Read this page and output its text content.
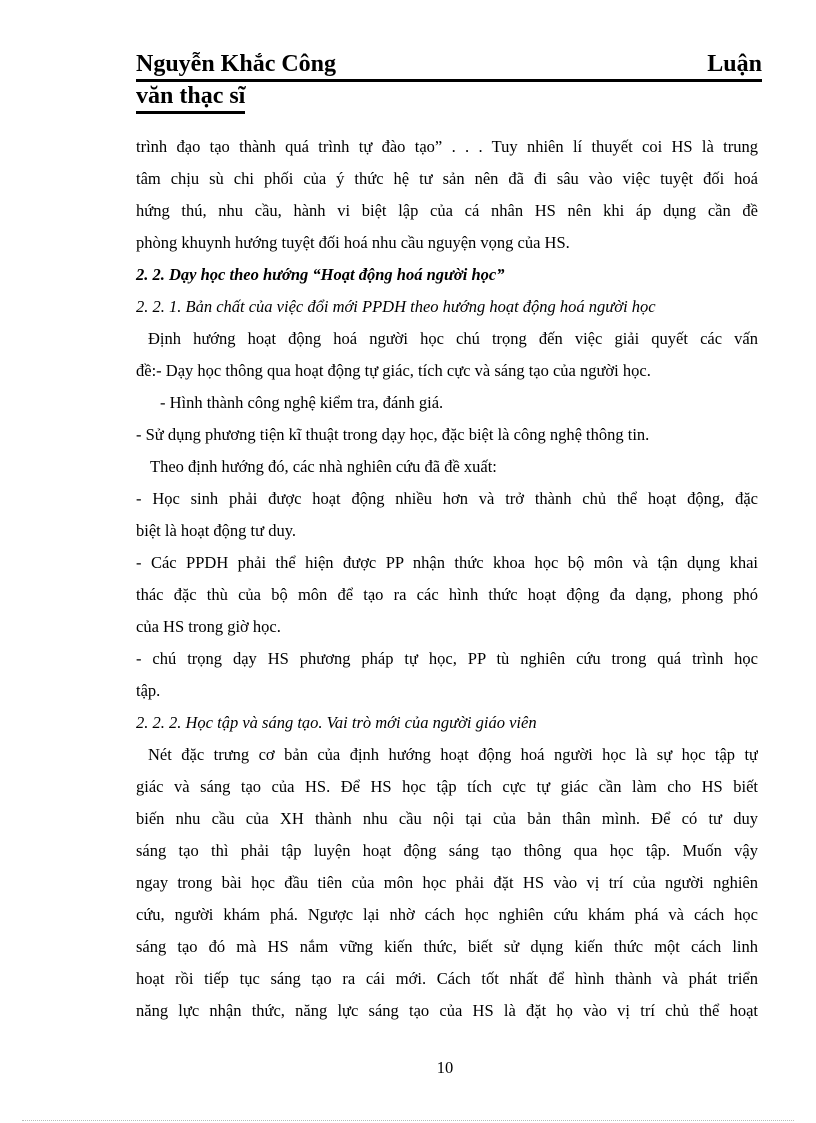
Nguyễn Khắc Công	Luận
văn thạc sĩ
trình đạo tạo thành quá trình tự đào tạo” . . . Tuy nhiên lí thuyết coi HS là trung
tâm chịu sù chi phối của ý thức hệ tư sản nên đã đi sâu vào việc tuyệt đối hoá
hứng thú, nhu cầu, hành vi biệt lập của cá nhân HS nên khi áp dụng cần đề
phòng khuynh hướng tuyệt đối hoá nhu cầu nguyện vọng của HS.
2. 2. Dạy học theo hướng “Hoạt động hoá người học”
2. 2. 1. Bản chất của việc đổi mới PPDH theo hướng hoạt động hoá người học
Định hướng hoạt động hoá người học chú trọng đến việc giải quyết các vấn
đề:- Dạy học thông qua hoạt động tự giác, tích cực và sáng tạo của người học.
- Hình thành công nghệ kiểm tra, đánh giá.
- Sử dụng phương tiện kĩ thuật trong dạy học, đặc biệt là công nghệ thông tin.
Theo định hướng đó, các nhà nghiên cứu đã đề xuất:
- Học sinh phải được hoạt động nhiều hơn và trở thành chủ thể hoạt động, đặc
biệt là hoạt động tư duy.
- Các PPDH phải thể hiện được PP nhận thức khoa học bộ môn và tận dụng khai
thác đặc thù của bộ môn để tạo ra các hình thức hoạt động đa dạng, phong phó
của HS trong giờ học.
- chú trọng dạy HS phương pháp tự học, PP tù nghiên cứu trong quá trình học
tập.
2. 2. 2. Học tập và sáng tạo. Vai trò mới của người giáo viên
Nét đặc trưng cơ bản của định hướng hoạt động hoá người học là sự học tập tự
giác và sáng tạo của HS. Để HS học tập tích cực tự giác cần làm cho HS biết
biến nhu cầu của XH thành nhu cầu nội tại của bản thân mình. Để có tư duy
sáng tạo thì phải tập luyện hoạt động sáng tạo thông qua học tập. Muốn vậy
ngay trong bài học đầu tiên của môn học phải đặt HS vào vị trí của người nghiên
cứu, người khám phá. Ngược lại nhờ cách học nghiên cứu khám phá và cách học
sáng tạo đó mà HS nắm vững kiến thức, biết sử dụng kiến thức một cách linh
hoạt rồi tiếp tục sáng tạo ra cái mới. Cách tốt nhất để hình thành và phát triển
năng lực nhận thức, năng lực sáng tạo của HS là đặt họ vào vị trí chủ thể hoạt
10
